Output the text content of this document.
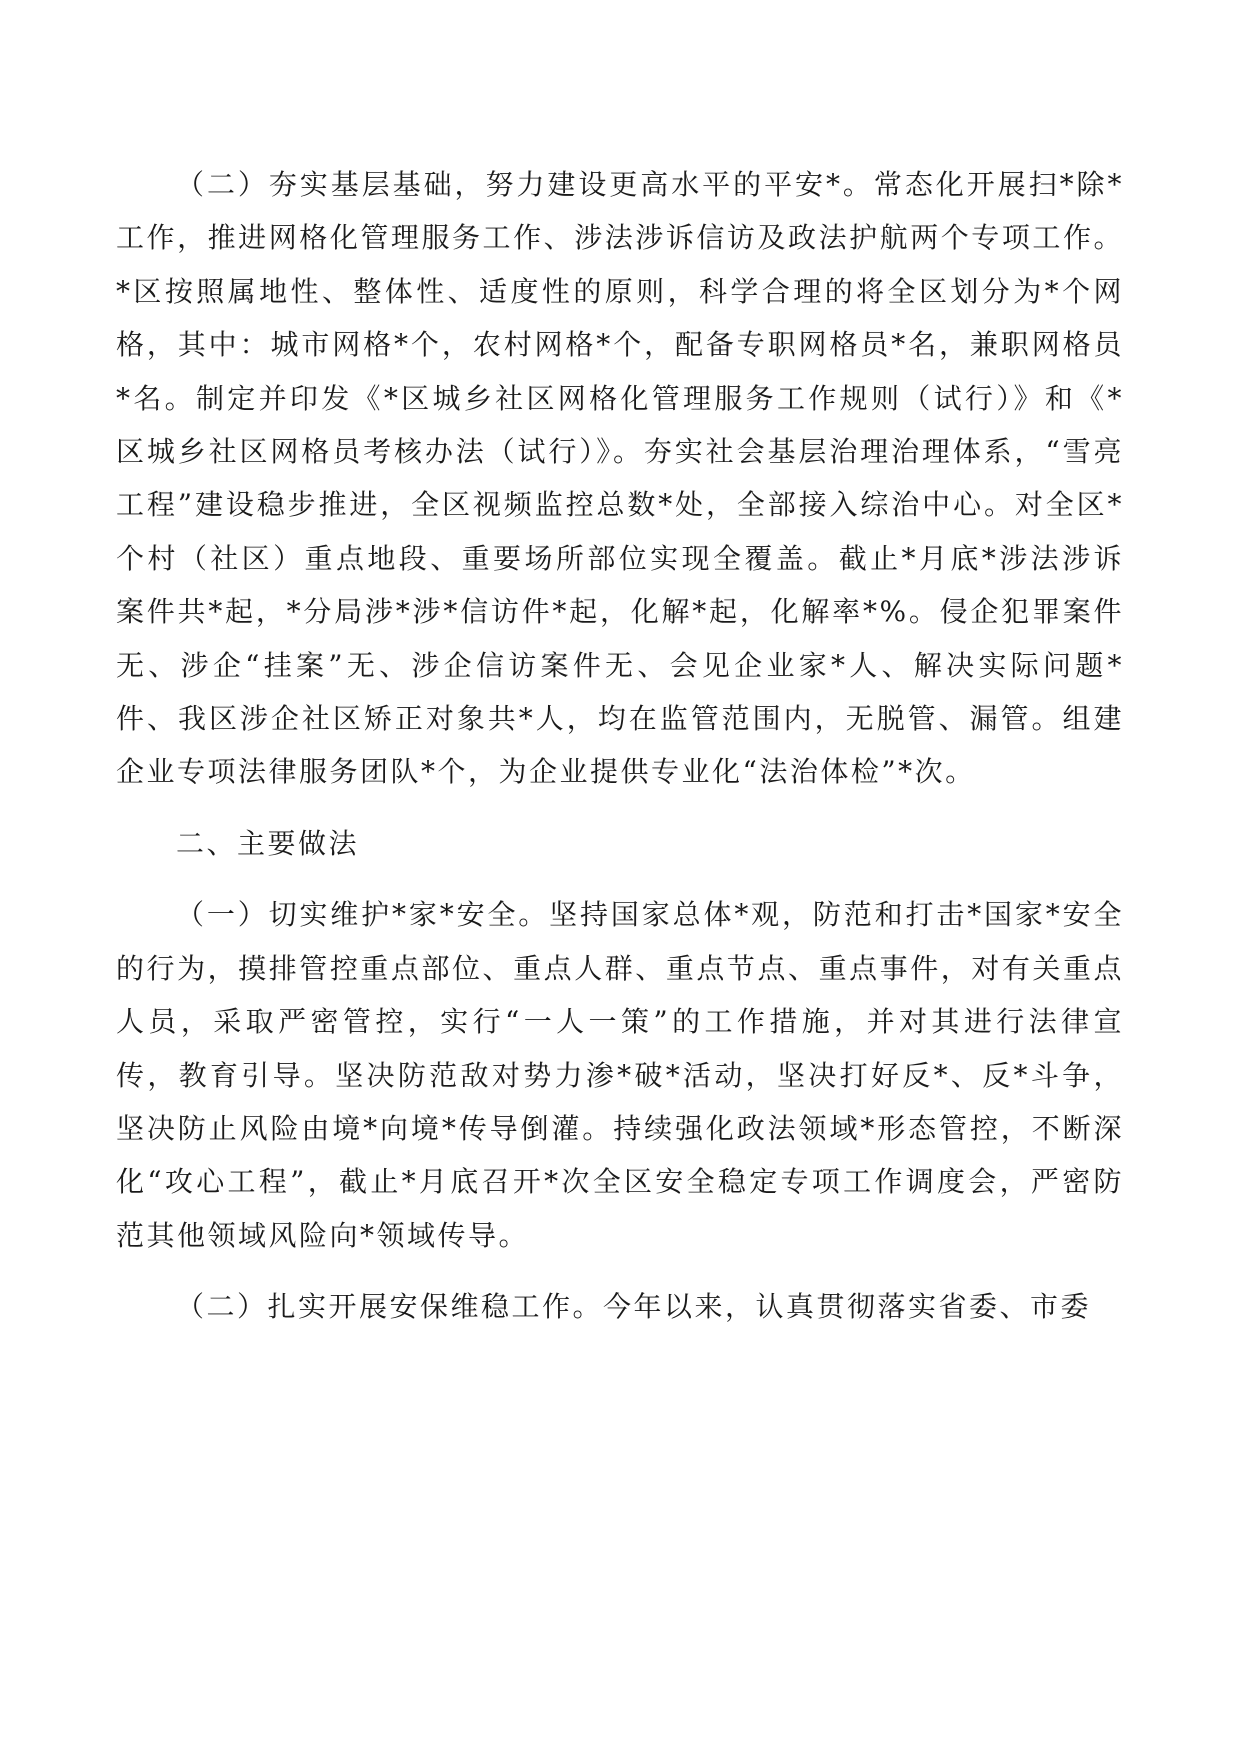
（二）夯实基层基础，努力建设更高水平的平安*。常态化开展扫*除*工作，推进网格化管理服务工作、涉法涉诉信访及政法护航两个专项工作。*区按照属地性、整体性、适度性的原则，科学合理的将全区划分为*个网格，其中：城市网格*个，农村网格*个，配备专职网格员*名，兼职网格员*名。制定并印发《*区城乡社区网格化管理服务工作规则（试行）》和《*区城乡社区网格员考核办法（试行）》。夯实社会基层治理治理体系，“雪亮工程”建设稳步推进，全区视频监控总数*处，全部接入综治中心。对全区*个村（社区）重点地段、重要场所部位实现全覆盖。截止*月底*涉法涉诉案件共*起，*分局涉*涉*信访件*起，化解*起，化解率*%。侵企犯罪案件无、涉企“挂案”无、涉企信访案件无、会见企业家*人、解决实际问题*件、我区涉企社区矫正对象共*人，均在监管范围内，无脱管、漏管。组建企业专项法律服务团队*个，为企业提供专业化“法治体检”*次。

二、主要做法

（一）切实维护*家*安全。坚持国家总体*观，防范和打击*国家*安全的行为，摸排管控重点部位、重点人群、重点节点、重点事件，对有关重点人员，采取严密管控，实行“一人一策”的工作措施，并对其进行法律宣传，教育引导。坚决防范敌对势力渗*破*活动，坚决打好反*、反*斗争，坚决防止风险由境*向境*传导倒灌。持续强化政法领域*形态管控，不断深化“攻心工程”，截止*月底召开*次全区安全稳定专项工作调度会，严密防范其他领域风险向*领域传导。

（二）扎实开展安保维稳工作。今年以来，认真贯彻落实省委、市委
